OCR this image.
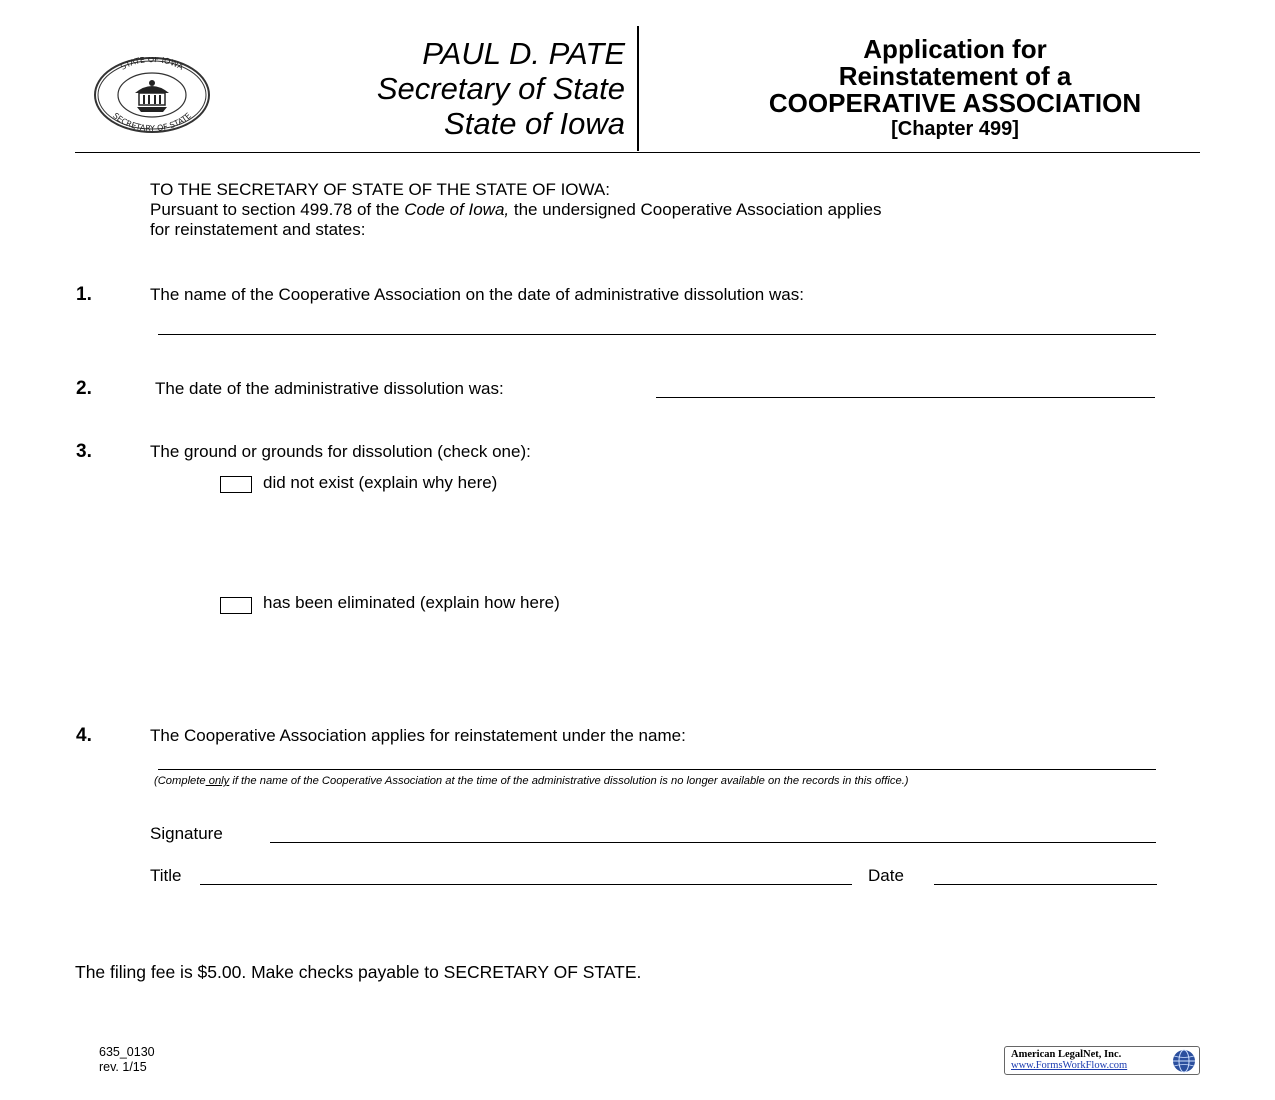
STATE OF IOWA
SECRETARY OF STATE
PAUL D. PATE
Secretary of State
State of Iowa
Application for
Reinstatement of a
COOPERATIVE ASSOCIATION
[Chapter 499]
TO THE SECRETARY OF STATE OF THE STATE OF IOWA:
Pursuant to section 499.78 of the Code of Iowa, the undersigned Cooperative Association applies
for reinstatement and states:
1.	The name of the Cooperative Association on the date of administrative dissolution was:
2.	The date of the administrative dissolution was:
3.	The ground or grounds for dissolution (check one):
did not exist (explain why here)
has been eliminated (explain how here)
4.	The Cooperative Association applies for reinstatement under the name:
(Complete only if the name of the Cooperative Association at the time of the administrative dissolution is no longer available on the records in this office.)
Signature
Title	Date
The filing fee is $5.00. Make checks payable to SECRETARY OF STATE.
635_0130
rev. 1/15
American LegalNet, Inc.
www.FormsWorkFlow.com
